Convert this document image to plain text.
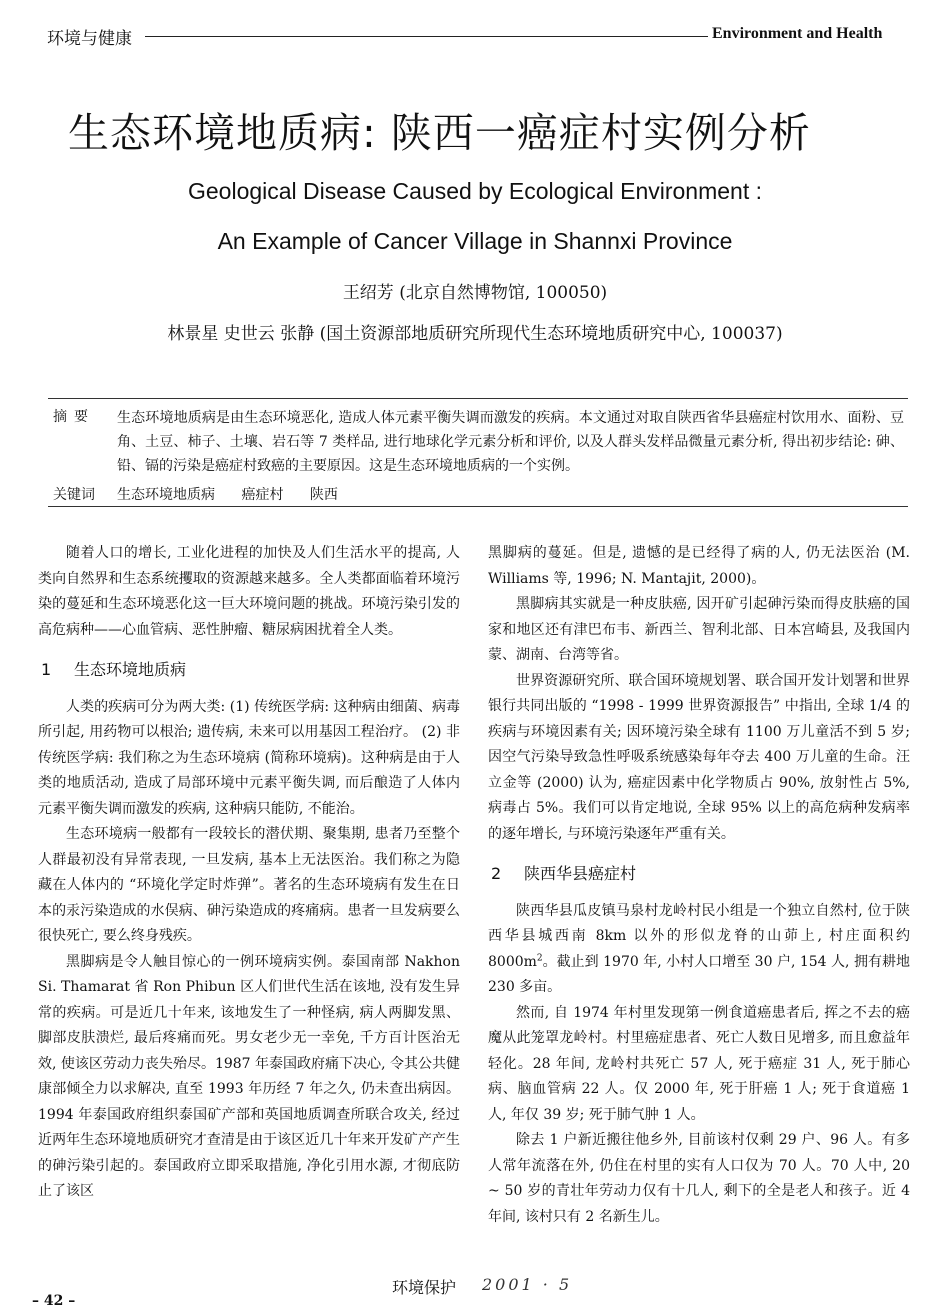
环境与健康	Environment and Health
生态环境地质病: 陕西一癌症村实例分析
Geological Disease Caused by Ecological Environment :
An Example of Cancer Village in Shannxi Province
王绍芳 (北京自然博物馆, 100050)
林景星 史世云 张静 (国土资源部地质研究所现代生态环境地质研究中心, 100037)
摘要 生态环境地质病是由生态环境恶化, 造成人体元素平衡失调而激发的疾病。本文通过对取自陕西省华县癌症村饮用水、面粉、豆角、土豆、柿子、土壤、岩石等 7 类样品, 进行地球化学元素分析和评价, 以及人群头发样品微量元素分析, 得出初步结论: 砷、铅、镉的污染是癌症村致癌的主要原因。这是生态环境地质病的一个实例。
关键词 生态环境地质病 癌症村 陕西

随着人口的增长, 工业化进程的加快及人们生活水平的提高, 人类向自然界和生态系统攫取的资源越来越多。全人类都面临着环境污染的蔓延和生态环境恶化这一巨大环境问题的挑战。环境污染引发的高危病种——心血管病、恶性肿瘤、糖尿病困扰着全人类。

1 生态环境地质病

人类的疾病可分为两大类: (1) 传统医学病: 这种病由细菌、病毒所引起, 用药物可以根治; 遗传病, 未来可以用基因工程治疗。 (2) 非传统医学病: 我们称之为生态环境病 (简称环境病)。这种病是由于人类的地质活动, 造成了局部环境中元素平衡失调, 而后酿造了人体内元素平衡失调而激发的疾病, 这种病只能防, 不能治。

生态环境病一般都有一段较长的潜伏期、聚集期, 患者乃至整个人群最初没有异常表现, 一旦发病, 基本上无法医治。我们称之为隐藏在人体内的 “环境化学定时炸弹”。著名的生态环境病有发生在日本的汞污染造成的水俣病、砷污染造成的疼痛病。患者一旦发病要么很快死亡, 要么终身残疾。

黑脚病是令人触目惊心的一例环境病实例。泰国南部 Nakhon Si. Thamarat 省 Ron Phibun 区人们世代生活在该地, 没有发生异常的疾病。可是近几十年来, 该地发生了一种怪病, 病人两脚发黑、脚部皮肤溃烂, 最后疼痛而死。男女老少无一幸免, 千方百计医治无效, 使该区劳动力丧失殆尽。1987 年泰国政府痛下决心, 令其公共健康部倾全力以求解决, 直至 1993 年历经 7 年之久, 仍未查出病因。1994 年泰国政府组织泰国矿产部和英国地质调查所联合攻关, 经过近两年生态环境地质研究才查清是由于该区近几十年来开发矿产产生的砷污染引起的。泰国政府立即采取措施, 净化引用水源, 才彻底防止了该区

黑脚病的蔓延。但是, 遗憾的是已经得了病的人, 仍无法医治 (M. Williams 等, 1996; N. Mantajit, 2000)。

黑脚病其实就是一种皮肤癌, 因开矿引起砷污染而得皮肤癌的国家和地区还有津巴布韦、新西兰、智利北部、日本宫崎县, 及我国内蒙、湖南、台湾等省。

世界资源研究所、联合国环境规划署、联合国开发计划署和世界银行共同出版的 “1998 - 1999 世界资源报告” 中指出, 全球 1/4 的疾病与环境因素有关; 因环境污染全球有 1100 万儿童活不到 5 岁; 因空气污染导致急性呼吸系统感染每年夺去 400 万儿童的生命。汪立金等 (2000) 认为, 癌症因素中化学物质占 90%, 放射性占 5%, 病毒占 5%。我们可以肯定地说, 全球 95% 以上的高危病种发病率的逐年增长, 与环境污染逐年严重有关。

2 陕西华县癌症村

陕西华县瓜皮镇马泉村龙岭村民小组是一个独立自然村, 位于陕西华县城西南 8km 以外的形似龙脊的山茆上, 村庄面积约 $8000m^2$。截止到 1970 年, 小村人口增至 30 户, 154 人, 拥有耕地 230 多亩。

然而, 自 1974 年村里发现第一例食道癌患者后, 挥之不去的癌魔从此笼罩龙岭村。村里癌症患者、死亡人数日见增多, 而且愈益年轻化。28 年间, 龙岭村共死亡 57 人, 死于癌症 31 人, 死于肺心病、脑血管病 22 人。仅 2000 年, 死于肝癌 1 人; 死于食道癌 1 人, 年仅 39 岁; 死于肺气肿 1 人。

除去 1 户新近搬往他乡外, 目前该村仅剩 29 户、96 人。有多人常年流落在外, 仍住在村里的实有人口仅为 70 人。70 人中, 20 ~ 50 岁的青壮年劳动力仅有十几人, 剩下的全是老人和孩子。近 4 年间, 该村只有 2 名新生儿。

环境保护 2001 · 5
– 42 –
